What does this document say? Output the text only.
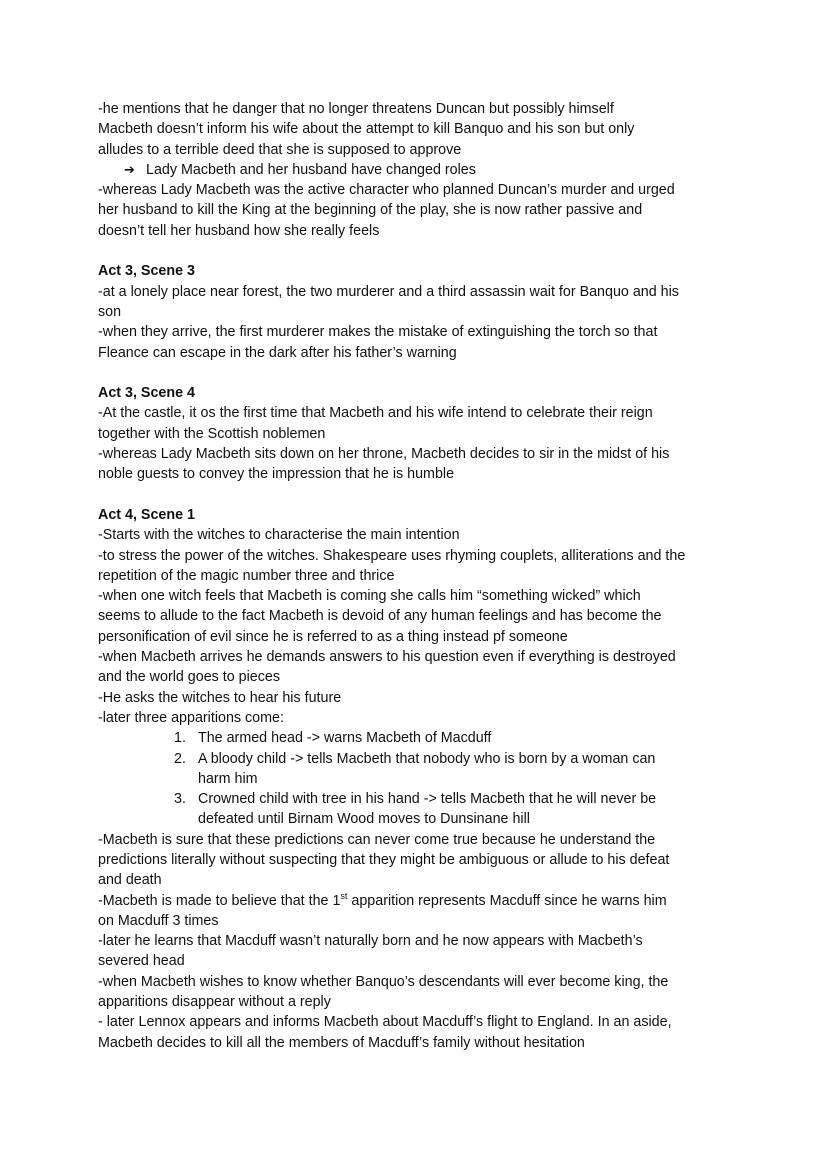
-he mentions that he danger that no longer threatens Duncan but possibly himself
Macbeth doesn’t inform his wife about the attempt to kill Banquo and his son but only
alludes to a terrible deed that she is supposed to approve
➔ Lady Macbeth and her husband have changed roles
-whereas Lady Macbeth was the active character who planned Duncan’s murder and urged
her husband to kill the King at the beginning of the play, she is now rather passive and
doesn’t tell her husband how she really feels
Act 3, Scene 3
-at a lonely place near forest, the two murderer and a third assassin wait for Banquo and his
son
-when they arrive, the first murderer makes the mistake of extinguishing the torch so that
Fleance can escape in the dark after his father’s warning
Act 3, Scene 4
-At the castle, it os the first time that Macbeth and his wife intend to celebrate their reign
together with the Scottish noblemen
-whereas Lady Macbeth sits down on her throne, Macbeth decides to sir in the midst of his
noble guests to convey the impression that he is humble
Act 4, Scene 1
-Starts with the witches to characterise the main intention
-to stress the power of the witches. Shakespeare uses rhyming couplets, alliterations and the
repetition of the magic number three and thrice
-when one witch feels that Macbeth is coming she calls him “something wicked” which
seems to allude to the fact Macbeth is devoid of any human feelings and has become the
personification of evil since he is referred to as a thing instead pf someone
-when Macbeth arrives he demands answers to his question even if everything is destroyed
and the world goes to pieces
-He asks the witches to hear his future
-later three apparitions come:
1. The armed head -> warns Macbeth of Macduff
2. A bloody child -> tells Macbeth that nobody who is born by a woman can
harm him
3. Crowned child with tree in his hand -> tells Macbeth that he will never be
defeated until Birnam Wood moves to Dunsinane hill
-Macbeth is sure that these predictions can never come true because he understand the
predictions literally without suspecting that they might be ambiguous or allude to his defeat
and death
-Macbeth is made to believe that the 1st apparition represents Macduff since he warns him
on Macduff 3 times
-later he learns that Macduff wasn’t naturally born and he now appears with Macbeth’s
severed head
-when Macbeth wishes to know whether Banquo’s descendants will ever become king, the
apparitions disappear without a reply
- later Lennox appears and informs Macbeth about Macduff’s flight to England. In an aside,
Macbeth decides to kill all the members of Macduff’s family without hesitation
